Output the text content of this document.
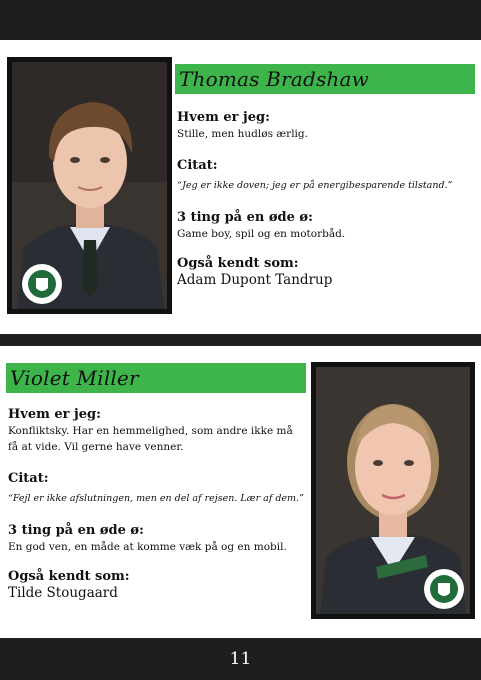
Thomas Bradshaw

Hvem er jeg:

Stille, men hudløs ærlig.

Citat:

“Jeg er ikke doven; jeg er på energibesparende tilstand.”

3 ting på en øde ø:

Game boy, spil og en motorbåd.

Også kendt som:

Adam Dupont Tandrup

Violet Miller

Hvem er jeg:

Konfliktsky. Har en hemmelighed, som andre ikke må få at vide. Vil gerne have venner.

Citat:

“Fejl er ikke afslutningen, men en del af rejsen. Lær af dem.”

3 ting på en øde ø:

En god ven, en måde at komme væk på og en mobil.

Også kendt som:

Tilde Stougaard

11
